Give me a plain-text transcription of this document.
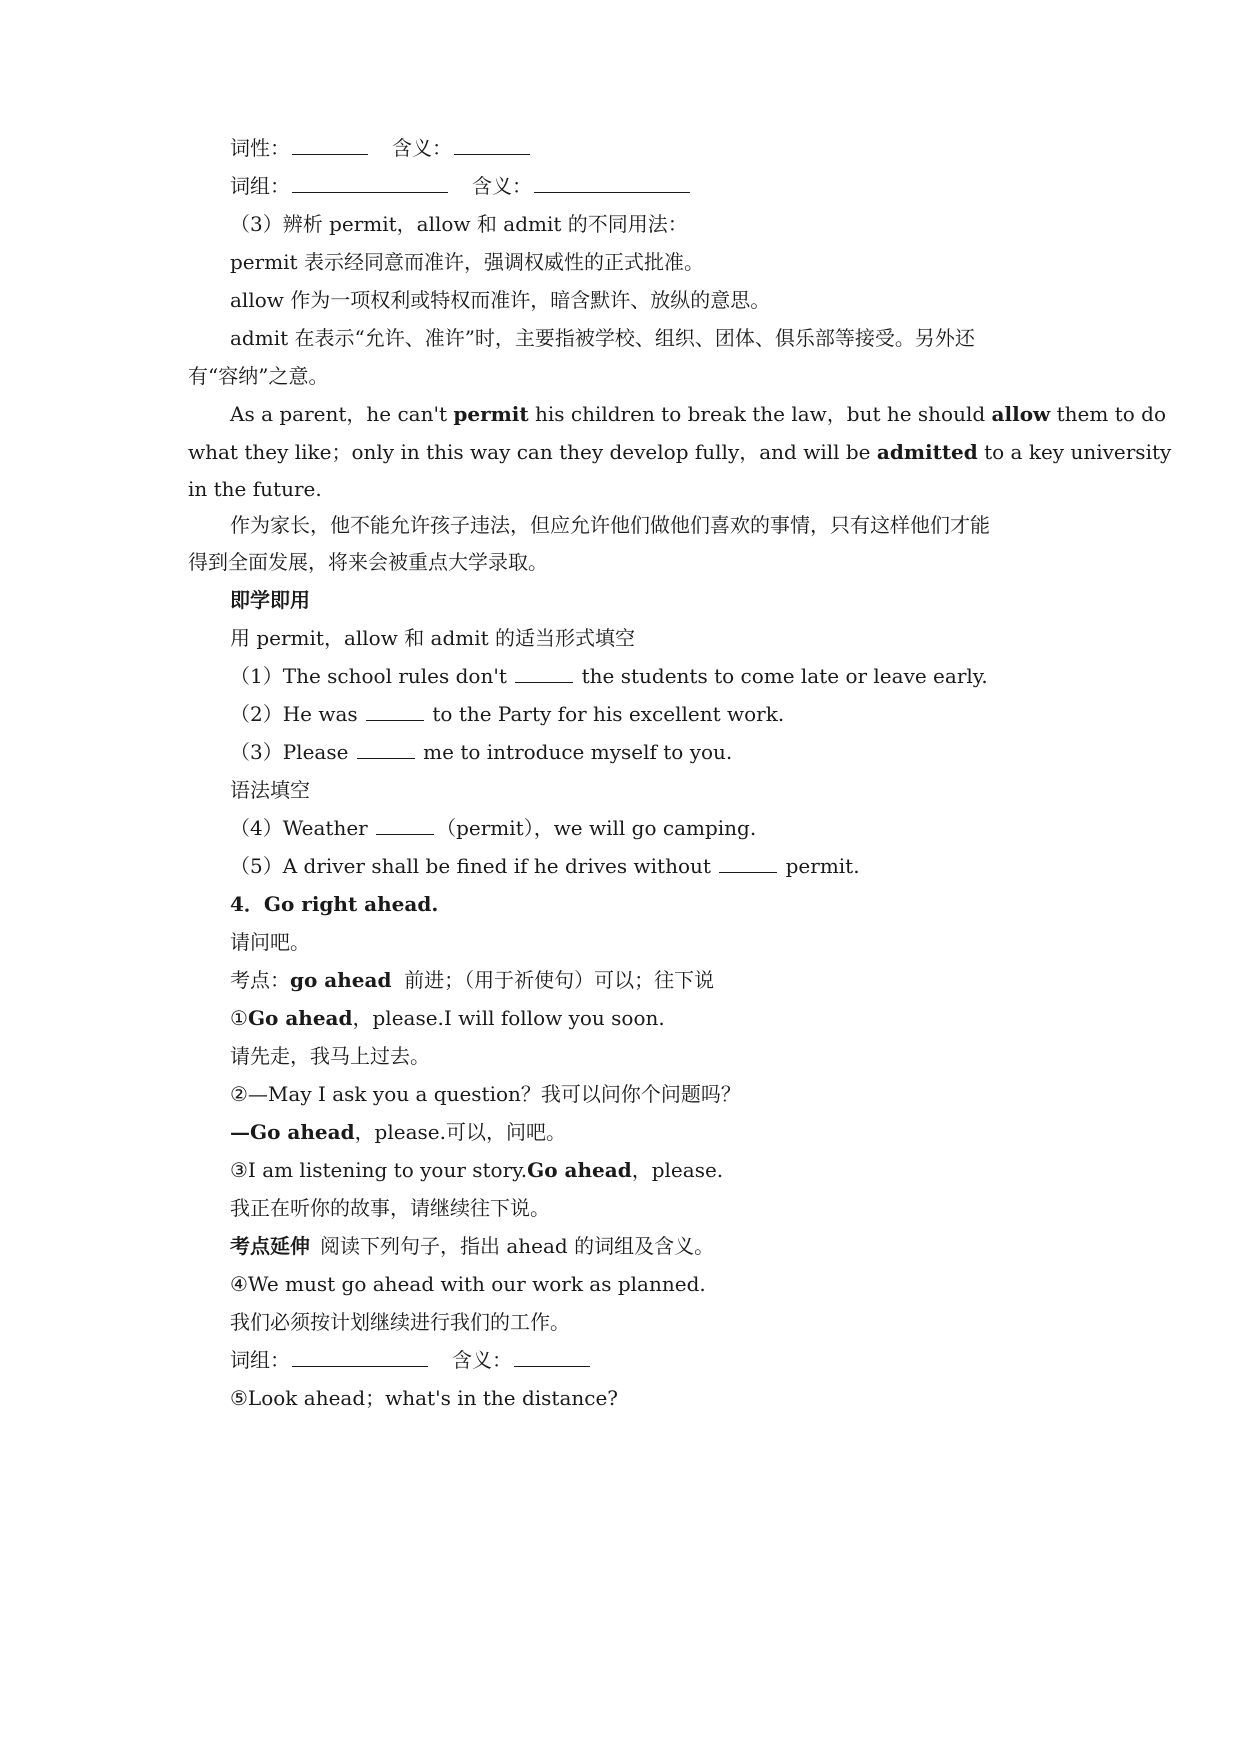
词性：	含义：
词组：	含义：
（3）辨析 permit，allow 和 admit 的不同用法：
permit 表示经同意而准许，强调权威性的正式批准。
allow 作为一项权利或特权而准许，暗含默许、放纵的意思。
admit 在表示“允许、准许”时，主要指被学校、组织、团体、俱乐部等接受。另外还
有“容纳”之意。
As a parent，he can't permit his children to break the law，but he should allow them to do
what they like；only in this way can they develop fully，and will be admitted to a key university
in the future.
作为家长，他不能允许孩子违法，但应允许他们做他们喜欢的事情，只有这样他们才能
得到全面发展，将来会被重点大学录取。
即学即用
用 permit，allow 和 admit 的适当形式填空
（1）The school rules don't	the students to come late or leave early.
（2）He was	to the Party for his excellent work.
（3）Please	me to introduce myself to you.
语法填空
（4）Weather	（permit），we will go camping.
（5）A driver shall be fined if he drives without	permit.
4．Go right ahead.
请问吧。
考点：go ahead  前进；（用于祈使句）可以；往下说
①Go ahead，please.I will follow you soon.
请先走，我马上过去。
②—May I ask you a question？我可以问你个问题吗？
—Go ahead，please.可以，问吧。
③I am listening to your story.Go ahead，please.
我正在听你的故事，请继续往下说。
考点延伸 阅读下列句子，指出 ahead 的词组及含义。
④We must go ahead with our work as planned.
我们必须按计划继续进行我们的工作。
词组：	含义：
⑤Look ahead；what's in the distance?
